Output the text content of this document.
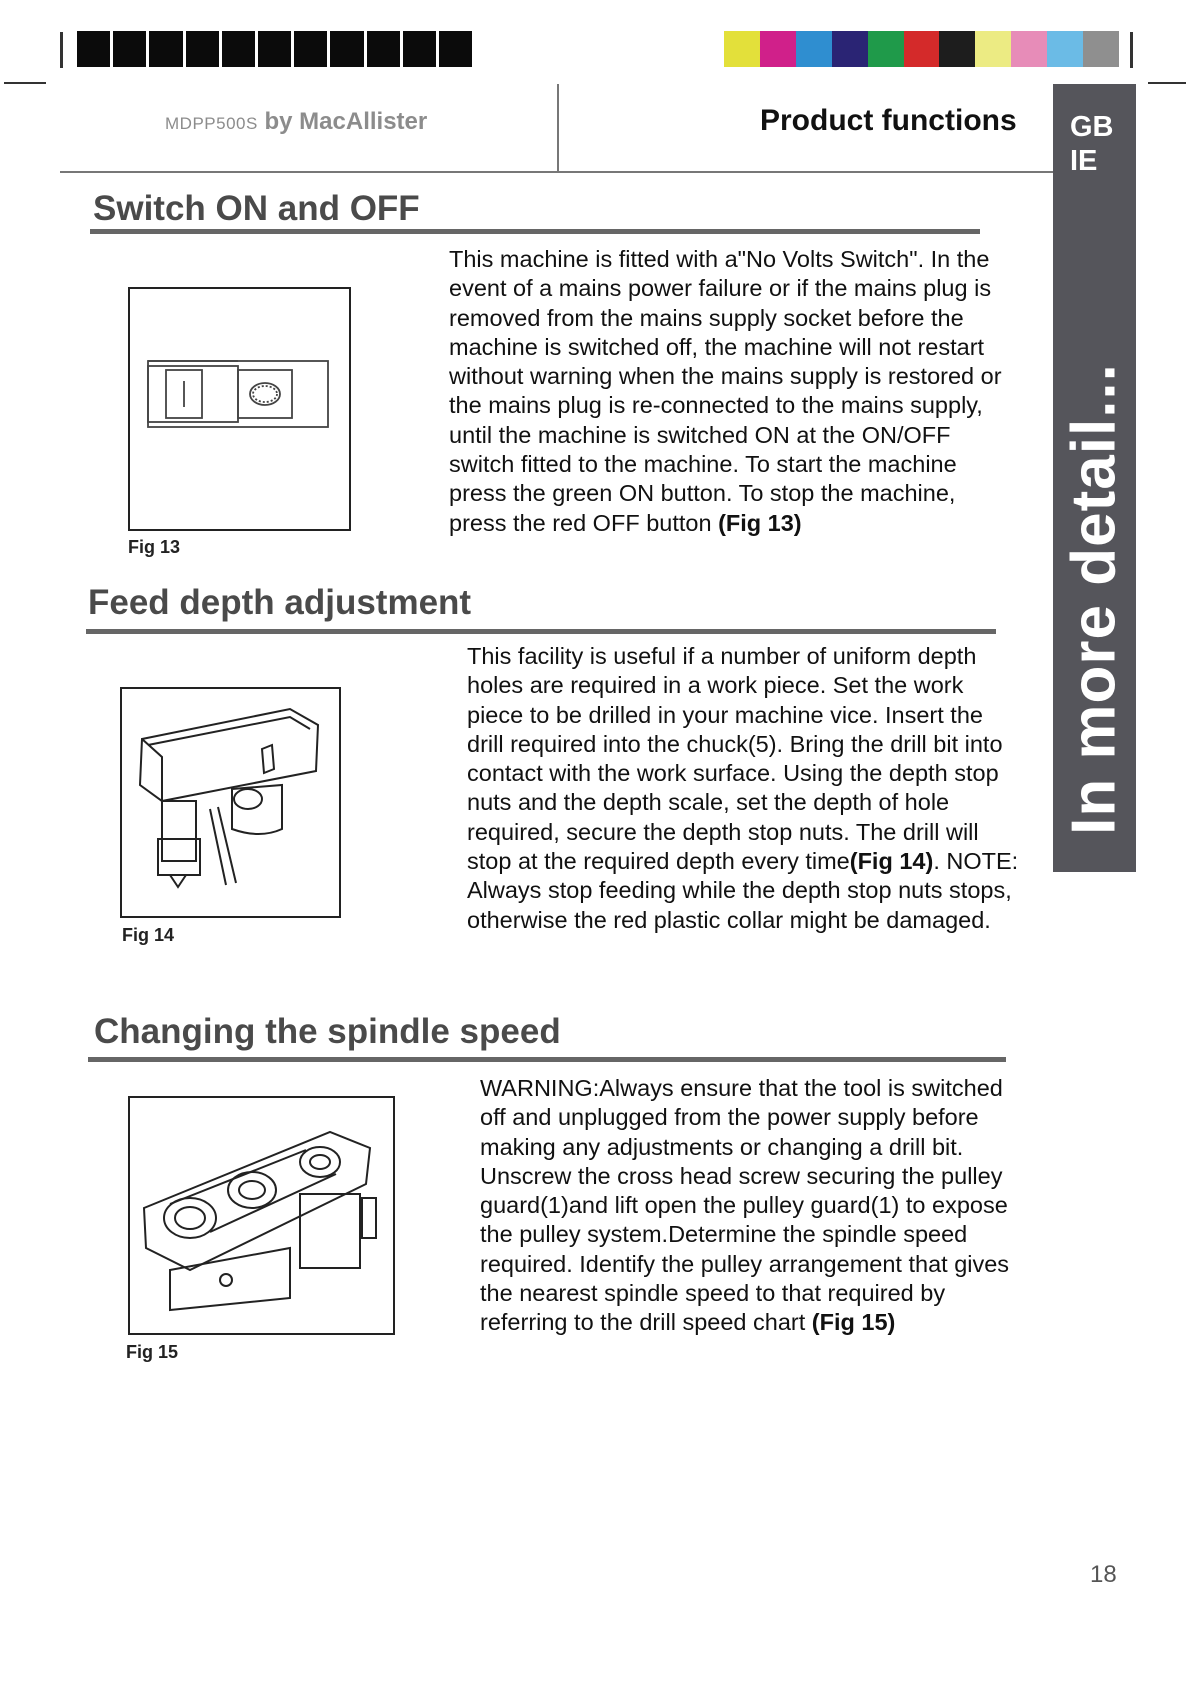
MDPP500S by MacAllister	Product functions GB
IE
In more detail...
Switch ON and OFF
Fig 13
This machine is fitted with a"No Volts Switch". In the event of a mains power failure or if the mains plug is removed from the mains supply socket before the machine is switched off, the machine will not restart without warning when the mains supply is restored or the mains plug is re-connected to the mains supply, until the machine is switched ON at the ON/OFF switch fitted to the machine. To start the machine press the green ON button. To stop the machine, press the red OFF button (Fig 13)
Feed depth adjustment
Fig 14
This facility is useful if a number of uniform depth holes are required in a work piece. Set the work piece to be drilled in your machine vice. Insert the drill required into the chuck(5). Bring the drill bit into contact with the work surface. Using the depth stop nuts and the depth scale, set the depth of hole required, secure the depth stop nuts. The drill will stop at the required depth every time(Fig 14). NOTE: Always stop feeding while the depth stop nuts stops, otherwise the red plastic collar might be damaged.
Changing the spindle speed
Fig 15
WARNING:Always ensure that the tool is switched off and unplugged from the power supply before making any adjustments or changing a drill bit. Unscrew the cross head screw securing the pulley guard(1)and lift open the pulley guard(1) to expose the pulley system.Determine the spindle speed required. Identify the pulley arrangement that gives the nearest spindle speed to that required by referring to the drill speed chart (Fig 15)
18
